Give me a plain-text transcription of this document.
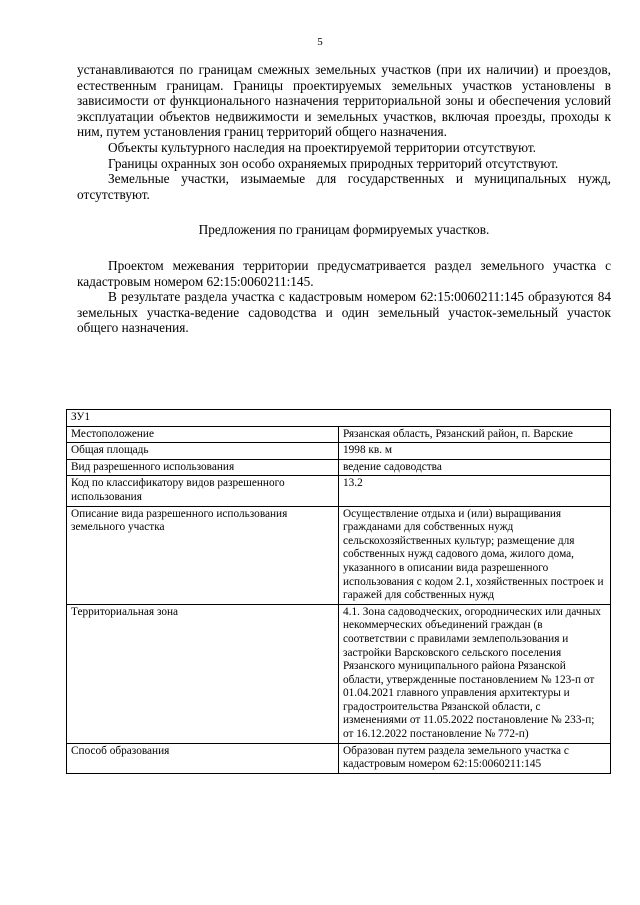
5

устанавливаются по границам смежных земельных участков (при их наличии) и проездов, естественным границам. Границы проектируемых земельных участков установлены в зависимости от функционального назначения территориальной зоны и обеспечения условий эксплуатации объектов недвижимости и земельных участков, включая проезды, проходы к ним, путем установления границ территорий общего назначения.

Объекты культурного наследия на проектируемой территории отсутствуют.

Границы охранных зон особо охраняемых природных территорий отсутствуют.

Земельные участки, изымаемые для государственных и муниципальных нужд, отсутствуют.

Предложения по границам формируемых участков.

Проектом межевания территории предусматривается раздел земельного участка с кадастровым номером 62:15:0060211:145.

В результате раздела участка с кадастровым номером 62:15:0060211:145 образуются 84 земельных участка-ведение садоводства и один земельный участок-земельный участок общего назначения.

ЗУ1	
Местоположение	Рязанская область, Рязанский район, п. Варские
Общая площадь	1998 кв. м
Вид разрешенного использования	ведение садоводства
Код по классификатору видов разрешенного использования	13.2
Описание вида разрешенного использования земельного участка	Осуществление отдыха и (или) выращивания гражданами для собственных нужд сельскохозяйственных культур; размещение для собственных нужд садового дома, жилого дома, указанного в описании вида разрешенного использования с кодом 2.1, хозяйственных построек и гаражей для собственных нужд
Территориальная зона	4.1. Зона садоводческих, огороднических или дачных некоммерческих объединений граждан (в соответствии с правилами землепользования и застройки Варсковского сельского поселения Рязанского муниципального района Рязанской области, утвержденные постановлением № 123-п от 01.04.2021 главного управления архитектуры и градостроительства Рязанской области, с изменениями от 11.05.2022 постановление № 233-п; от 16.12.2022 постановление № 772-п)
Способ образования	Образован путем раздела земельного участка с кадастровым номером 62:15:0060211:145
